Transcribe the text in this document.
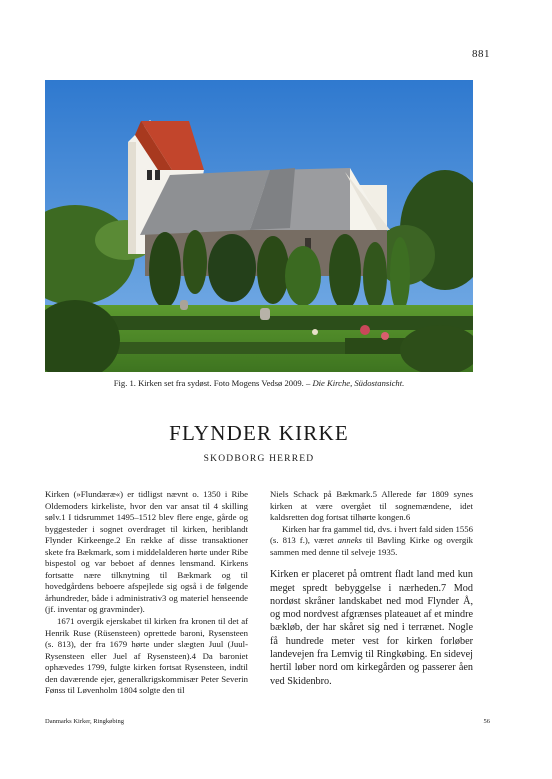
881
Fig. 1. Kirken set fra sydøst. Foto Mogens Vedsø 2009. – Die Kirche, Südostansicht.
FLYNDER KIRKE
SKODBORG HERRED

Kirken (»Flundæræ«) er tidligst nævnt o. 1350 i Ribe Oldemoders kirkeliste, hvor den var ansat til 4 skilling sølv.1 I tidsrummet 1495–1512 blev flere enge, gårde og byggesteder i sognet overdraget til kirken, heriblandt Flynder Kirkeenge.2 En række af disse transaktioner skete fra Bækmark, som i middelalderen hørte under Ribe bispestol og var beboet af dennes lensmand. Kirkens fortsatte nære tilknytning til Bækmark og til hovedgårdens beboere afspejlede sig også i de følgende århundreder, både i administrativ3 og materiel henseende (jf. inventar og gravminder).

1671 overgik ejerskabet til kirken fra kronen til det af Henrik Ruse (Rüsensteen) oprettede baroni, Rysensteen (s. 813), der fra 1679 hørte under slægten Juul (Juul-Rysensteen eller Juel af Rysensteen).4 Da baroniet ophævedes 1799, fulgte kirken fortsat Rysensteen, indtil den daværende ejer, generalkrigskommisær Peter Severin Fønss til Løvenholm 1804 solgte den til

Niels Schack på Bækmark.5 Allerede før 1809 synes kirken at være overgået til sognemændene, idet kaldsretten dog fortsat tilhørte kongen.6

Kirken har fra gammel tid, dvs. i hvert fald siden 1556 (s. 813 f.), været anneks til Bøvling Kirke og overgik sammen med denne til selveje 1935.

Kirken er placeret på omtrent fladt land med kun meget spredt bebyggelse i nærheden.7 Mod nordøst skråner landskabet ned mod Flynder Å, og mod nordvest afgrænses plateauet af et mindre bækløb, der har skåret sig ned i terrænet. Nogle få hundrede meter vest for kirken forløber landevejen fra Lemvig til Ringkøbing. En sidevej hertil løber nord om kirkegården og passerer åen ved Skidenbro.

Danmarks Kirker, Ringkøbing	56
